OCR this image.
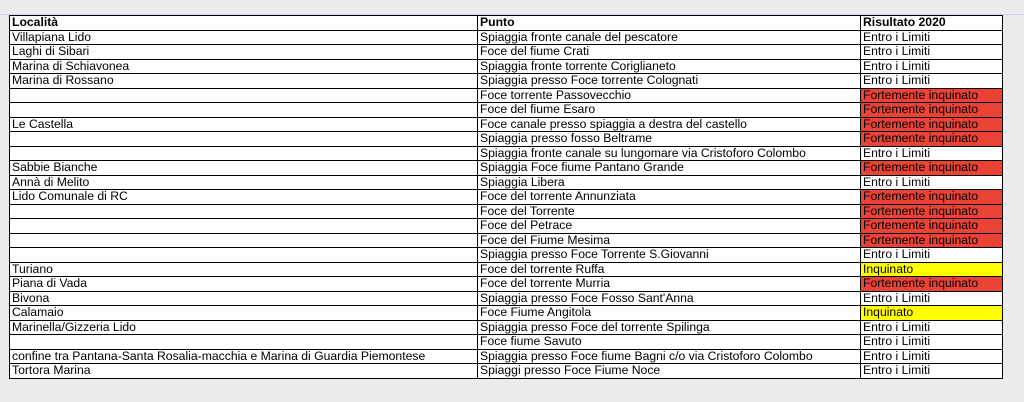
Località	Punto	Risultato 2020
Villapiana Lido	Spiaggia fronte canale del pescatore	Entro i Limiti
Laghi di Sibari	Foce del fiume Crati	Entro i Limiti
Marina di Schiavonea	Spiaggia fronte torrente Coriglianeto	Entro i Limiti
Marina di Rossano	Spiaggia presso Foce torrente Colognati	Entro i Limiti
	Foce torrente Passovecchio	Fortemente inquinato
	Foce del fiume Esaro	Fortemente inquinato
Le Castella	Foce canale presso spiaggia a destra del castello	Fortemente inquinato
	Spiaggia presso fosso Beltrame	Fortemente inquinato
	Spiaggia fronte canale su lungomare via Cristoforo Colombo	Entro i Limiti
Sabbie Bianche	Spiaggia Foce fiume Pantano Grande	Fortemente inquinato
Annà di Melito	Spiaggia Libera	Entro i Limiti
Lido Comunale di RC	Foce del torrente Annunziata	Fortemente inquinato
	Foce del Torrente	Fortemente inquinato
	Foce del Petrace	Fortemente inquinato
	Foce del Fiume Mesima	Fortemente inquinato
	Spiaggia presso Foce Torrente S.Giovanni	Entro i Limiti
Turiano	Foce del torrente Ruffa	Inquinato
Piana di Vada	Foce del torrente Murria	Fortemente inquinato
Bivona	Spiaggia presso Foce Fosso Sant'Anna	Entro i Limiti
Calamaio	Foce Fiume Angitola	Inquinato
Marinella/Gizzeria Lido	Spiaggia presso Foce del torrente Spilinga	Entro i Limiti
	Foce fiume Savuto	Entro i Limiti
confine tra Pantana-Santa Rosalia-macchia e Marina di Guardia Piemontese	Spiaggia presso Foce fiume Bagni c/o via Cristoforo Colombo	Entro i Limiti
Tortora Marina	Spiaggi presso Foce Fiume Noce	Entro i Limiti
